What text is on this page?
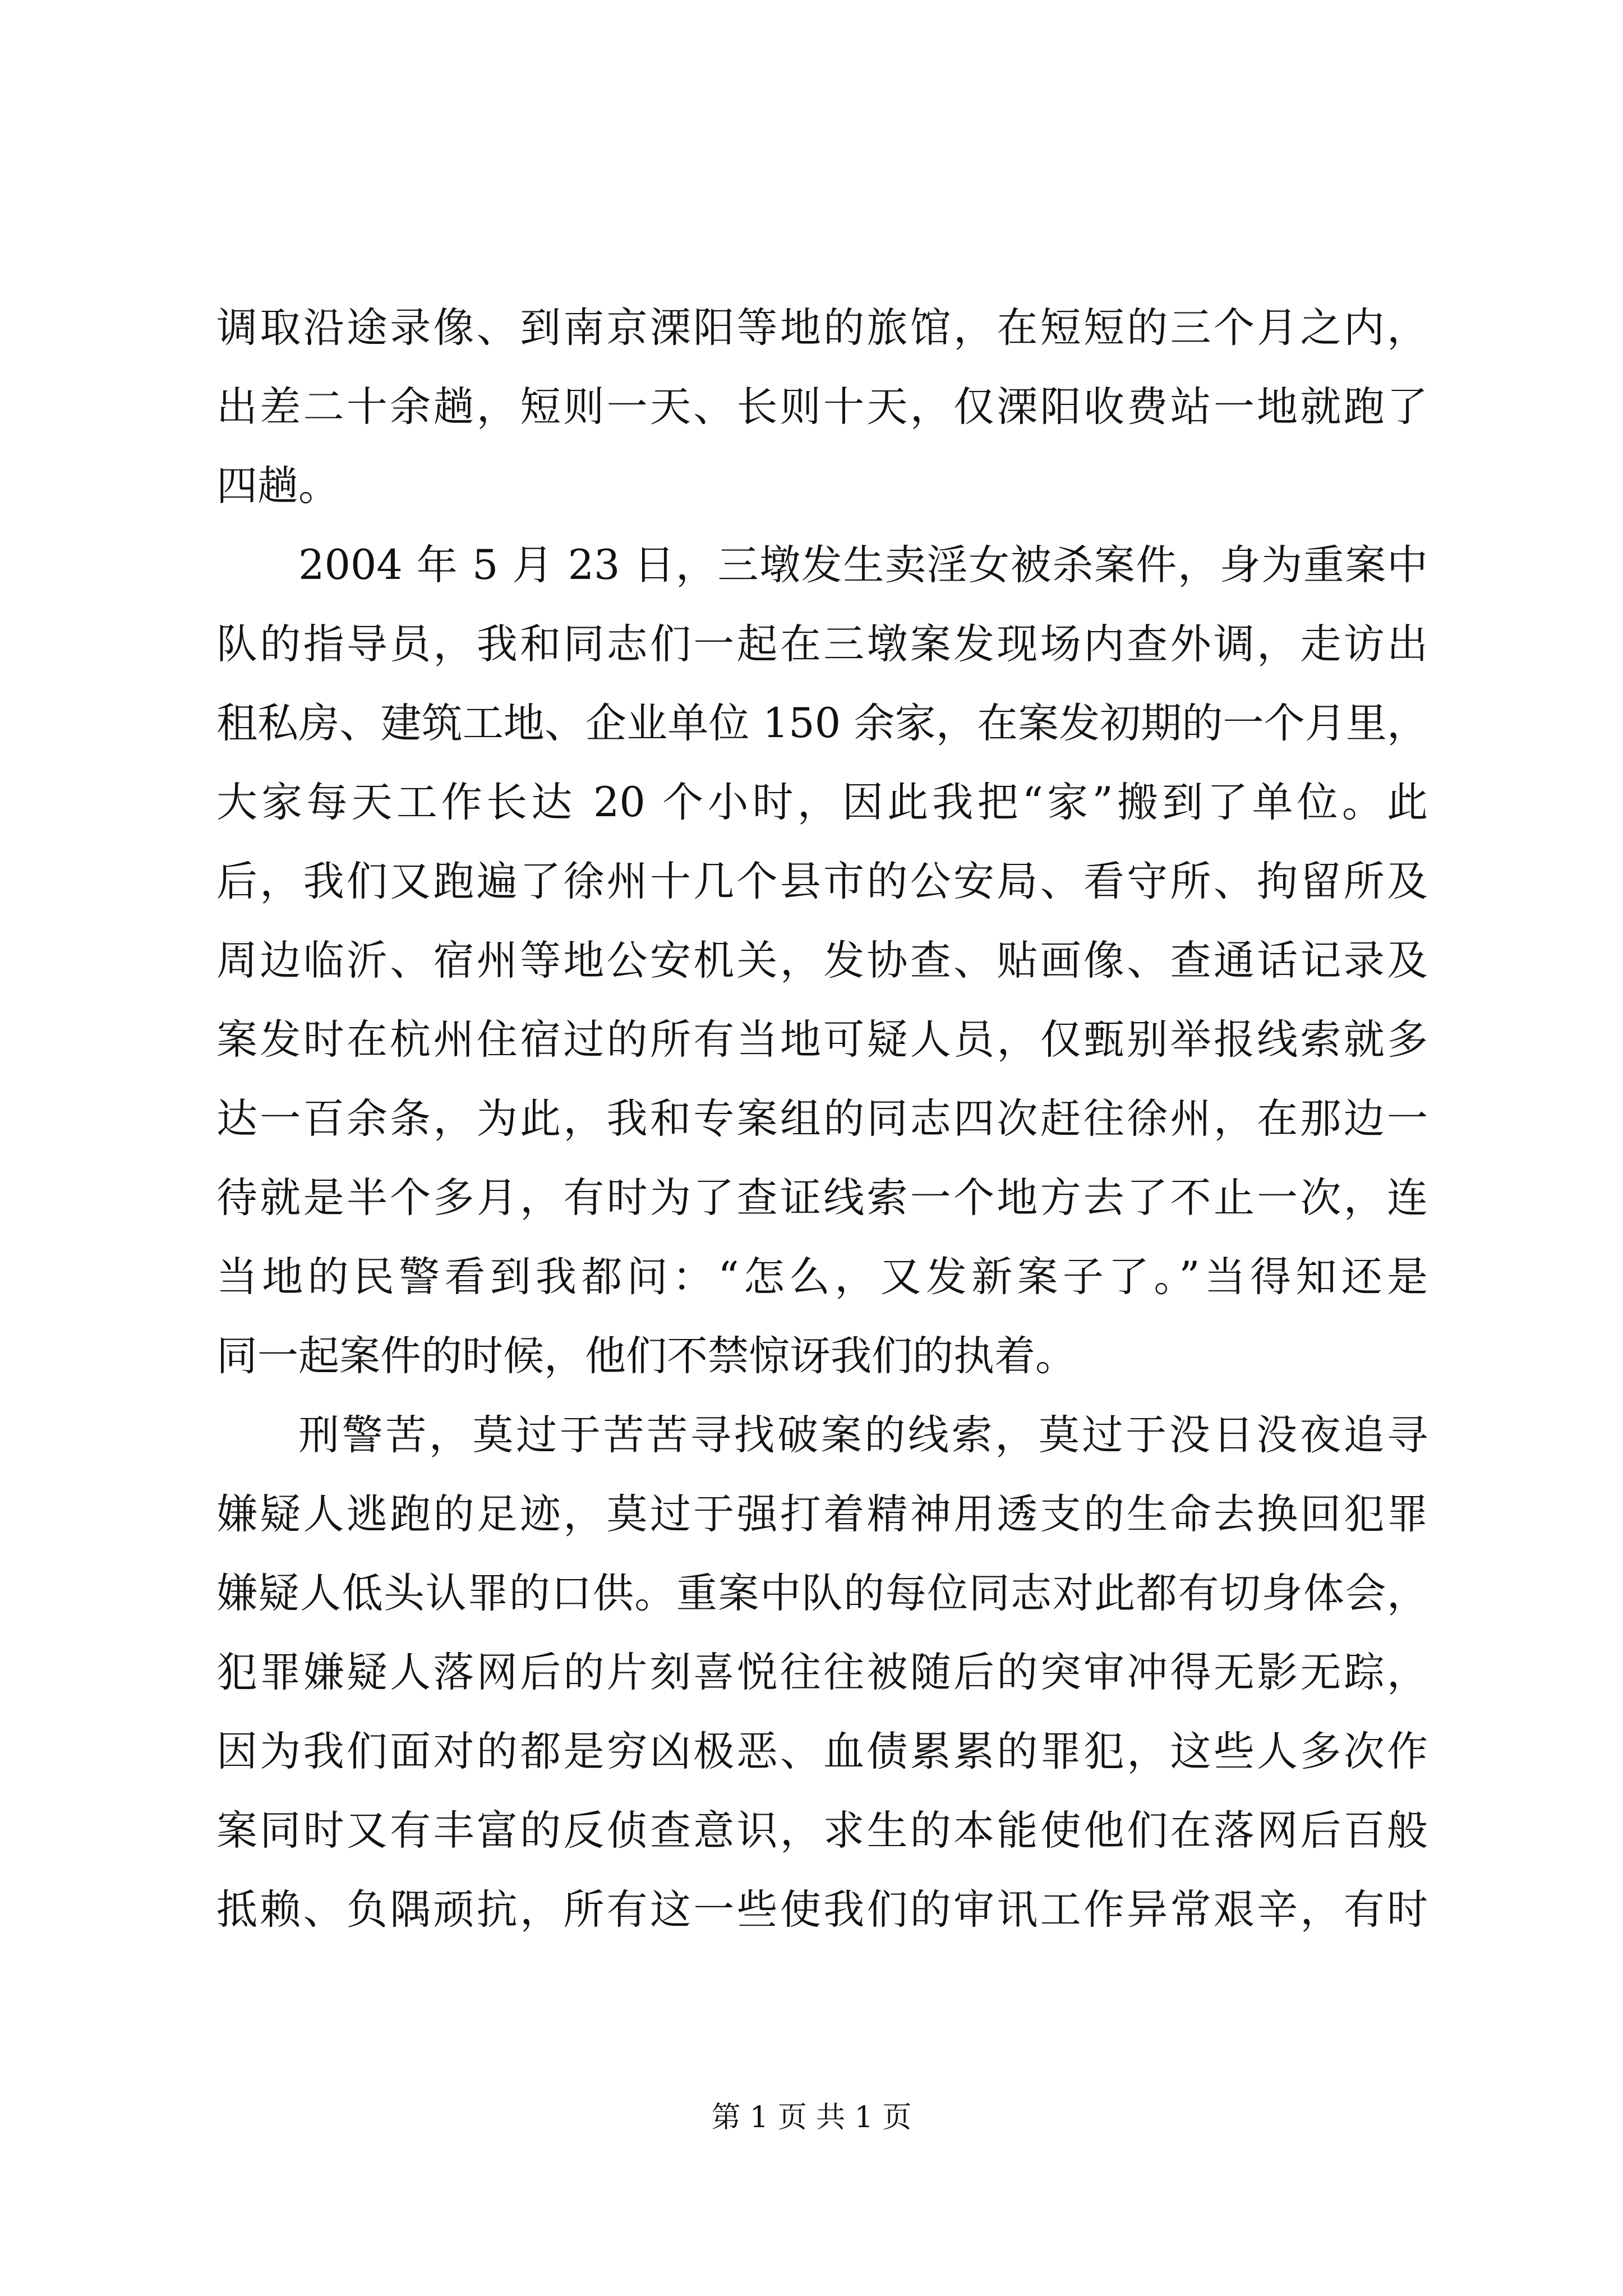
调取沿途录像、到南京溧阳等地的旅馆，在短短的三个月之内，
出差二十余趟，短则一天、长则十天，仅溧阳收费站一地就跑了
四趟。
2004 年 5 月 23 日，三墩发生卖淫女被杀案件，身为重案中
队的指导员，我和同志们一起在三墩案发现场内查外调，走访出
租私房、建筑工地、企业单位 150 余家，在案发初期的一个月里，
大家每天工作长达 20 个小时，因此我把“家”搬到了单位。此
后，我们又跑遍了徐州十几个县市的公安局、看守所、拘留所及
周边临沂、宿州等地公安机关，发协查、贴画像、查通话记录及
案发时在杭州住宿过的所有当地可疑人员，仅甄别举报线索就多
达一百余条，为此，我和专案组的同志四次赶往徐州，在那边一
待就是半个多月，有时为了查证线索一个地方去了不止一次，连
当地的民警看到我都问：“怎么，又发新案子了。”当得知还是
同一起案件的时候，他们不禁惊讶我们的执着。
刑警苦，莫过于苦苦寻找破案的线索，莫过于没日没夜追寻
嫌疑人逃跑的足迹，莫过于强打着精神用透支的生命去换回犯罪
嫌疑人低头认罪的口供。重案中队的每位同志对此都有切身体会，
犯罪嫌疑人落网后的片刻喜悦往往被随后的突审冲得无影无踪，
因为我们面对的都是穷凶极恶、血债累累的罪犯，这些人多次作
案同时又有丰富的反侦查意识，求生的本能使他们在落网后百般
抵赖、负隅顽抗，所有这一些使我们的审讯工作异常艰辛，有时
第 1 页 共 1 页
